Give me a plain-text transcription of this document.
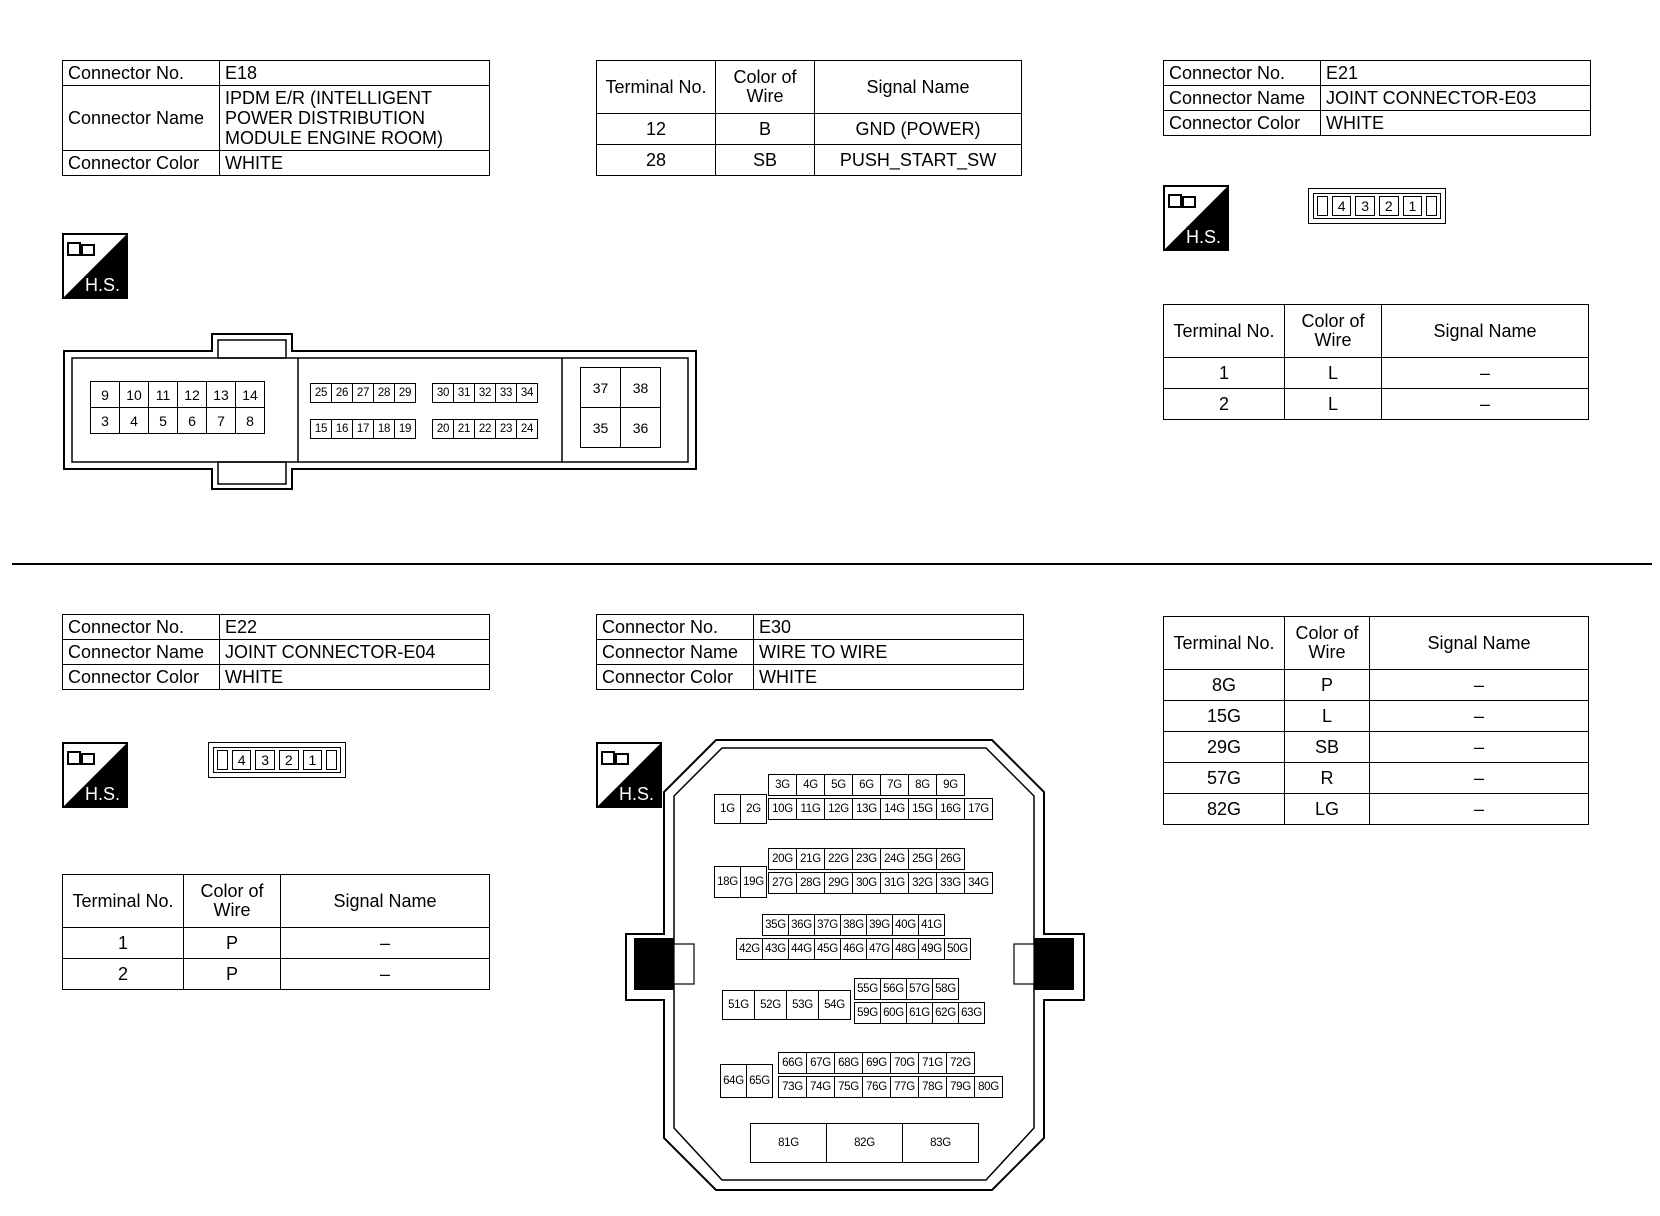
Connector No.	E18
Connector Name	IPDM E/R (INTELLIGENT
POWER DISTRIBUTION
MODULE ENGINE ROOM)

Connector Color	WHITE
H.S.
9	10 11 12 13 14
3	4	5	6	7	8
25 26 27 28 29	30 31 32 33 34
15 16 17 18 19	20 21 22 23 24
37	38
35	36
Terminal No.	Color of Wire	Signal Name
12	B	GND (POWER)
28	SB	PUSH_START_SW
Connector No.	E21
Connector Name	JOINT CONNECTOR-E03
Connector Color	WHITE
H.S.
4	3	2	1
Terminal No.	Color of Wire	Signal Name
1	L	–
2	L	–
Connector No.	E22
Connector Name	JOINT CONNECTOR-E04
Connector Color	WHITE
H.S.
4	3	2	1
Terminal No.	Color of Wire	Signal Name
1	P	–
2	P	–
Connector No.	E30
Connector Name	WIRE TO WIRE
Connector Color	WHITE
H.S.
1G 2G
3G	4G	5G	6G	7G	8G	9G
10G 11G 12G 13G 14G 15G 16G 17G
18G 19G
20G 21G 22G 23G 24G 25G 26G
27G 28G 29G 30G 31G 32G 33G 34G
35G 36G 37G 38G 39G 40G 41G
42G 43G 44G 45G 46G 47G 48G 49G 50G
51G 52G 53G 54G
55G 56G 57G 58G
59G 60G 61G 62G 63G
64G 65G
66G 67G 68G 69G 70G 71G 72G
73G 74G 75G 76G 77G 78G 79G 80G
81G	82G	83G
Terminal No.	Color of Wire	Signal Name
8G	P	–
15G	L	–
29G	SB	–
57G	R	–
82G	LG	–
